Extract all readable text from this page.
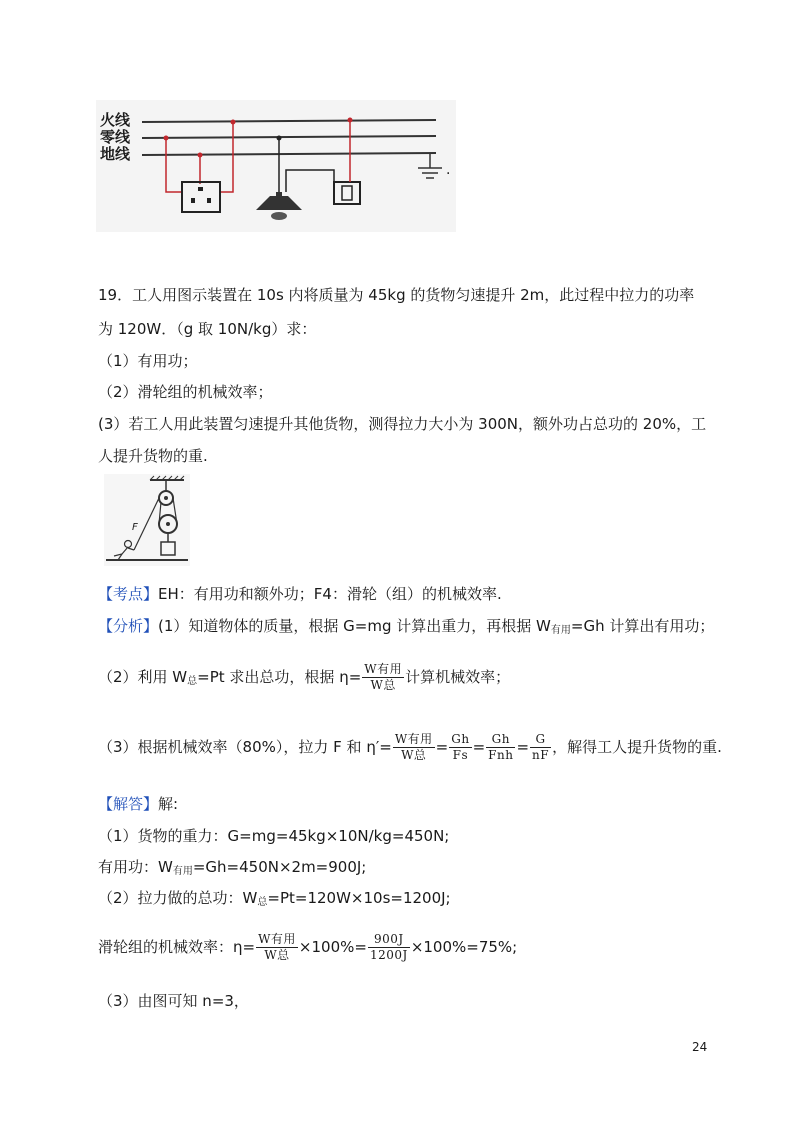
火线
零线
地线
.
19．工人用图示装置在 10s 内将质量为 45kg 的货物匀速提升 2m，此过程中拉力的功率
为 120W．（g 取 10N/kg）求：
（1）有用功；
（2）滑轮组的机械效率；
(3）若工人用此装置匀速提升其他货物，测得拉力大小为 300N，额外功占总功的 20%，工
人提升货物的重.
F
【考点】EH：有用功和额外功；F4：滑轮（组）的机械效率.
【分析】(1）知道物体的质量，根据 G=mg 计算出重力，再根据 $W_{有用}=Gh$ 计算出有用功；
（2）利用 $W_总=Pt$ 求出总功，根据 $\eta= \frac{\text{W有用}}{\text{W总}}$ 计算机械效率；
（3）根据机械效率（80%），拉力 F 和 $\eta'= \frac{\text{W有用}}{\text{W总}} = \frac{Gh}{Fs} = \frac{Gh}{\text{Fnh}} = \frac{G}{nF}$ ，解得工人提升货物的重.
【解答】解:
（1）货物的重力：G=mg=45kg×10N/kg=450N;
有用功：$W_{有用}=Gh=450N\times 2m=900J$;
（2）拉力做的总功：$W_总=Pt=120W\times 10s=1200J$;
滑轮组的机械效率：$\eta= \frac{\text{W有用}}{\text{W总}} \times 100\%= \frac{900J}{1200J} \times 100\%=75\%$;
（3）由图可知 n=3，
24
